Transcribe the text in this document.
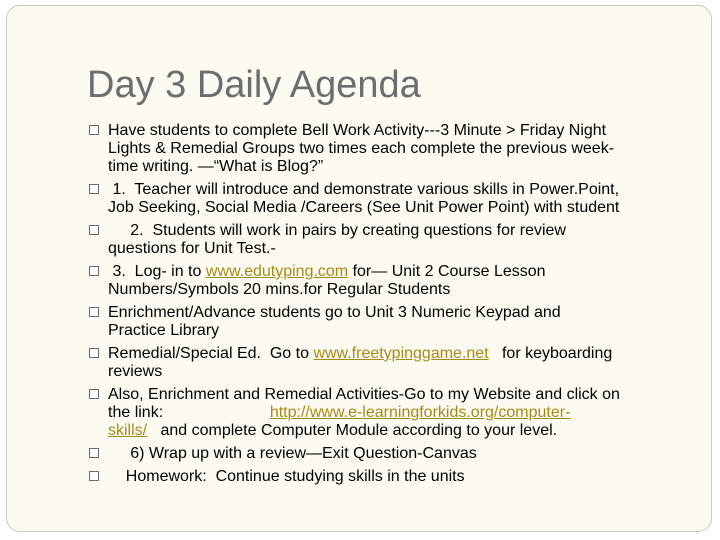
Day 3 Daily Agenda
Have students to complete Bell Work Activity---3 Minute > Friday Night
Lights & Remedial Groups two times each complete the previous week-
time writing. —“What is Blog?”
1.  Teacher will introduce and demonstrate various skills in Power.Point,
Job Seeking, Social Media /Careers (See Unit Power Point) with student
2.  Students will work in pairs by creating questions for review
questions for Unit Test.-
3.  Log- in to www.edutyping.com for— Unit 2 Course Lesson
Numbers/Symbols 20 mins.for Regular Students
Enrichment/Advance students go to Unit 3 Numeric Keypad and
Practice Library
Remedial/Special Ed.  Go to www.freetypinggame.net   for keyboarding
reviews
Also, Enrichment and Remedial Activities-Go to my Website and click on
the link:                        http://www.e-learningforkids.org/computer-
skills/   and complete Computer Module according to your level.
6) Wrap up with a review—Exit Question-Canvas
Homework:  Continue studying skills in the units
